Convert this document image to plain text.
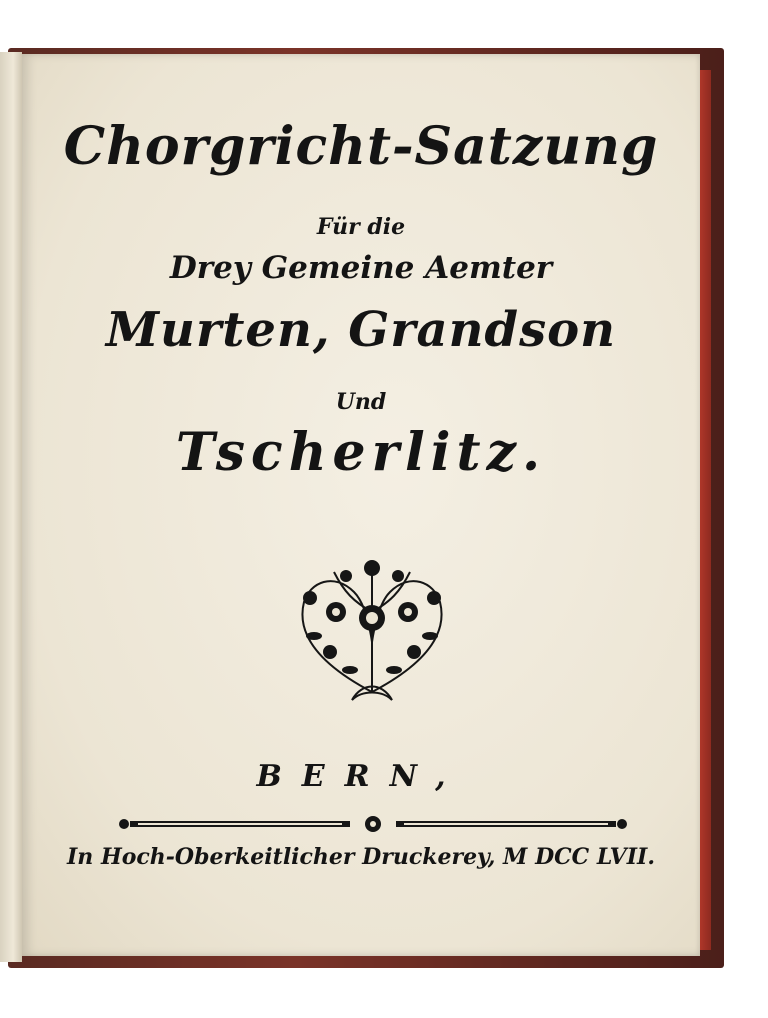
Chorgricht-Satzung
Für die
Drey Gemeine Aemter
Murten, Grandson
Und
Tscherlitz.
BERN,
In Hoch-Oberkeitlicher Druckerey, M DCC LVII.
